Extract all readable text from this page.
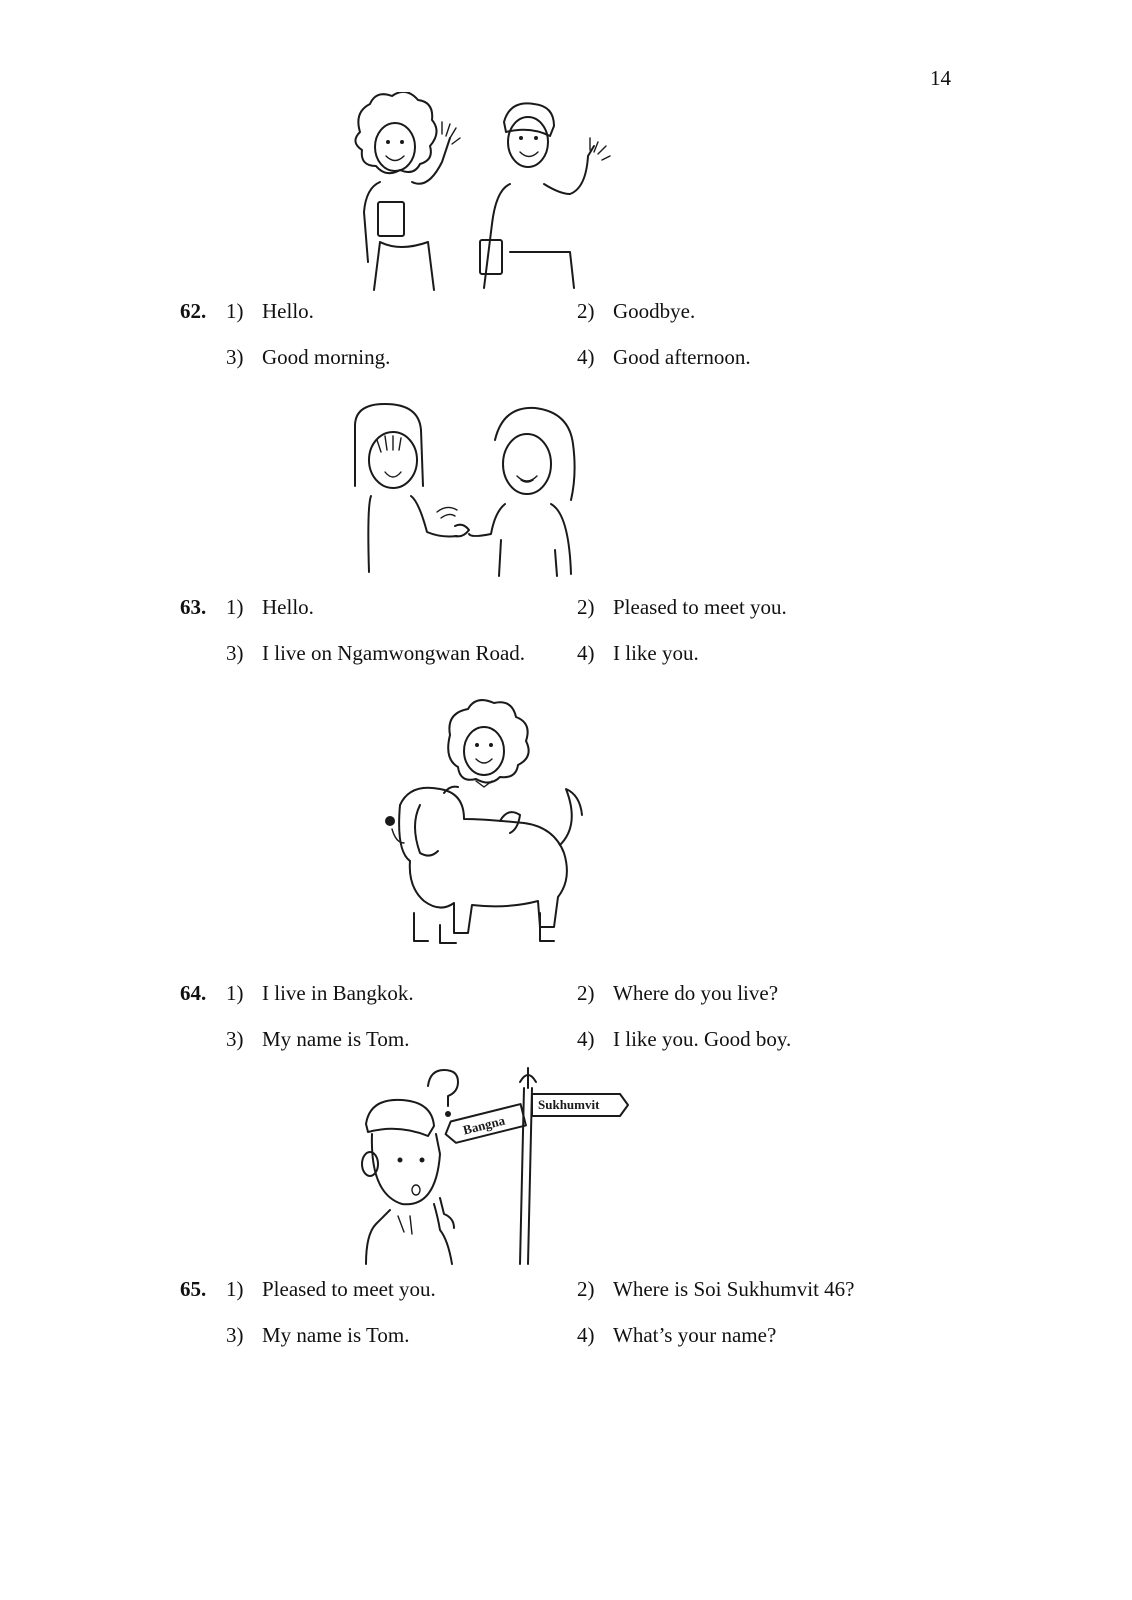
14
62. 1) Hello.	2) Goodbye.
3) Good morning.	4) Good afternoon.
63. 1) Hello.	2) Pleased to meet you.
3) I live on Ngamwongwan Road. 4) I like you.
64. 1) I live in Bangkok.	2) Where do you live?
3) My name is Tom.	4) I like you. Good boy.
Bangna
Sukhumvit
65. 1) Pleased to meet you.	2) Where is Soi Sukhumvit 46?
3) My name is Tom.	4) What’s your name?
